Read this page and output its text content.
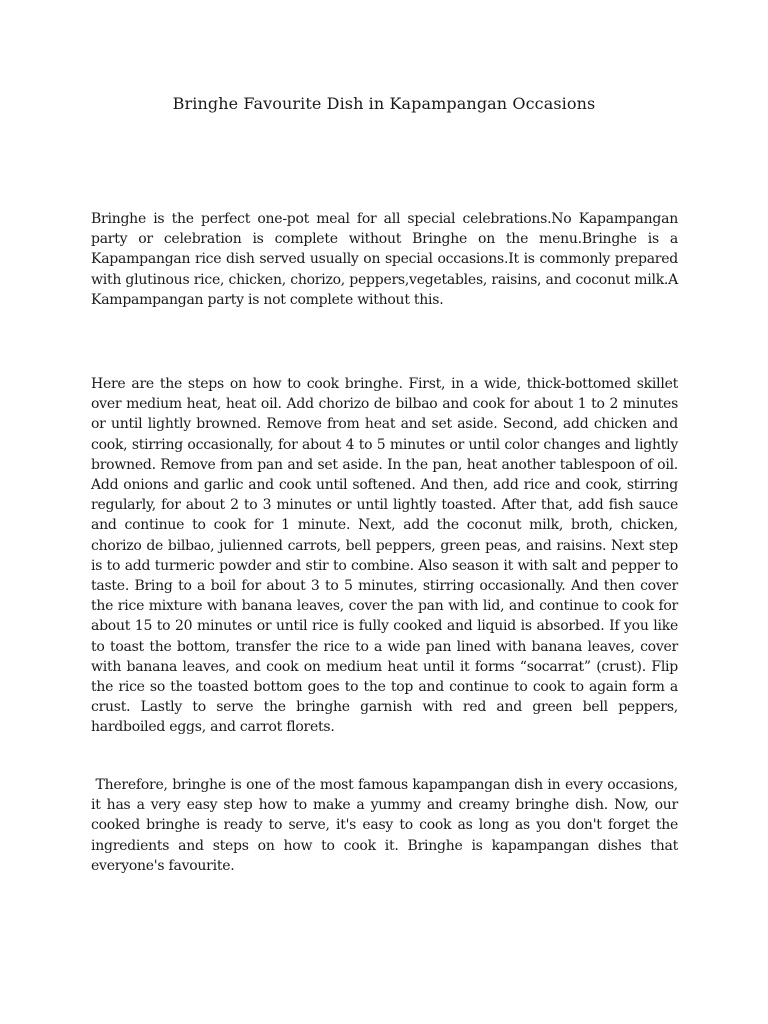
Bringhe Favourite Dish in Kapampangan Occasions

Bringhe is the perfect one-pot meal for all special celebrations.No Kapampangan party or celebration is complete without Bringhe on the menu.Bringhe is a Kapampangan rice dish served usually on special occasions.It is commonly prepared with glutinous rice, chicken, chorizo, peppers,vegetables, raisins, and coconut milk.A Kampampangan party is not complete without this.

Here are the steps on how to cook bringhe. First, in a wide, thick-bottomed skillet over medium heat, heat oil. Add chorizo de bilbao and cook for about 1 to 2 minutes or until lightly browned. Remove from heat and set aside. Second, add chicken and cook, stirring occasionally, for about 4 to 5 minutes or until color changes and lightly browned. Remove from pan and set aside. In the pan, heat another tablespoon of oil. Add onions and garlic and cook until softened. And then, add rice and cook, stirring regularly, for about 2 to 3 minutes or until lightly toasted. After that, add fish sauce and continue to cook for 1 minute. Next, add the coconut milk, broth, chicken, chorizo de bilbao, julienned carrots, bell peppers, green peas, and raisins. Next step is to add turmeric powder and stir to combine. Also season it with salt and pepper to taste. Bring to a boil for about 3 to 5 minutes, stirring occasionally. And then cover the rice mixture with banana leaves, cover the pan with lid, and continue to cook for about 15 to 20 minutes or until rice is fully cooked and liquid is absorbed. If you like to toast the bottom, transfer the rice to a wide pan lined with banana leaves, cover with banana leaves, and cook on medium heat until it forms “socarrat” (crust). Flip the rice so the toasted bottom goes to the top and continue to cook to again form a crust. Lastly to serve the bringhe garnish with red and green bell peppers, hardboiled eggs, and carrot florets.

Therefore, bringhe is one of the most famous kapampangan dish in every occasions, it has a very easy step how to make a yummy and creamy bringhe dish. Now, our cooked bringhe is ready to serve, it's easy to cook as long as you don't forget the ingredients and steps on how to cook it. Bringhe is kapampangan dishes that everyone's favourite.
